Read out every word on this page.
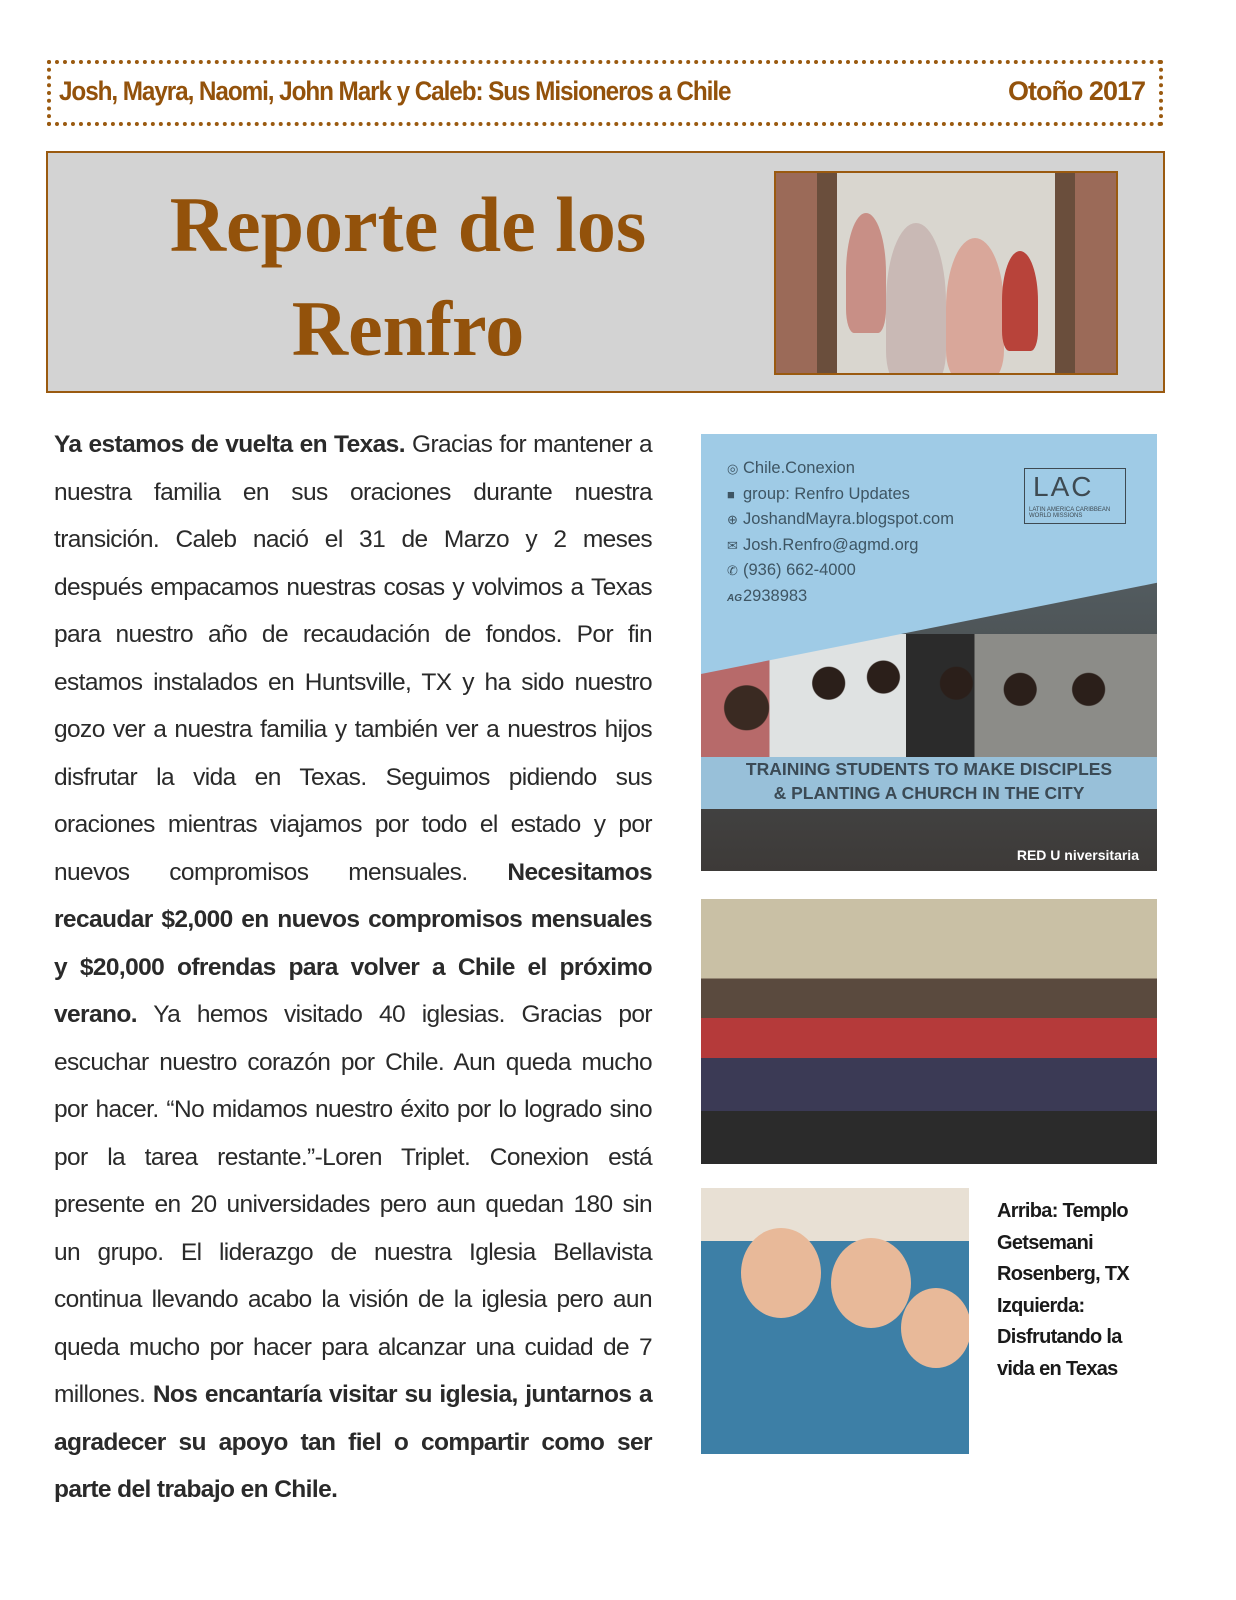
Josh, Mayra, Naomi, John Mark y Caleb: Sus Misioneros a Chile	Otoño 2017
Reporte de los
Renfro
Ya estamos de vuelta en Texas. Gracias for mantener a nuestra familia en sus oraciones durante nuestra transición. Caleb nació el 31 de Marzo y 2 meses después empacamos nuestras cosas y volvimos a Texas para nuestro año de recaudación de fondos. Por fin estamos instalados en Huntsville, TX y ha sido nuestro gozo ver a nuestra familia y también ver a nuestros hijos disfrutar la vida en Texas. Seguimos pidiendo sus oraciones mientras viajamos por todo el estado y por nuevos compromisos mensuales. Necesitamos recaudar $2,000 en nuevos compromisos mensuales y $20,000 ofrendas para volver a Chile el próximo verano. Ya hemos visitado 40 iglesias. Gracias por escuchar nuestro corazón por Chile. Aun queda mucho por hacer. “No midamos nuestro éxito por lo logrado sino por la tarea restante.”-Loren Triplet. Conexion está presente en 20 universidades pero aun quedan 180 sin un grupo. El liderazgo de nuestra Iglesia Bellavista continua llevando acabo la visión de la iglesia pero aun queda mucho por hacer para alcanzar una cuidad de 7 millones. Nos encantaría visitar su iglesia, juntarnos a agradecer su apoyo tan fiel o compartir como ser parte del trabajo en Chile.
◎ Chile.Conexion
■ group: Renfro Updates
⊕ JoshandMayra.blogspot.com
✉ Josh.Renfro@agmd.org
✆ (936) 662-4000
AG2938983
LAC
LATIN AMERICA CARIBBEAN WORLD MISSIONS
TRAINING STUDENTS TO MAKE DISCIPLES
& PLANTING A CHURCH IN THE CITY
RED U niversitaria
Arriba: Templo
Getsemani
Rosenberg, TX
Izquierda:
Disfrutando la
vida en Texas
